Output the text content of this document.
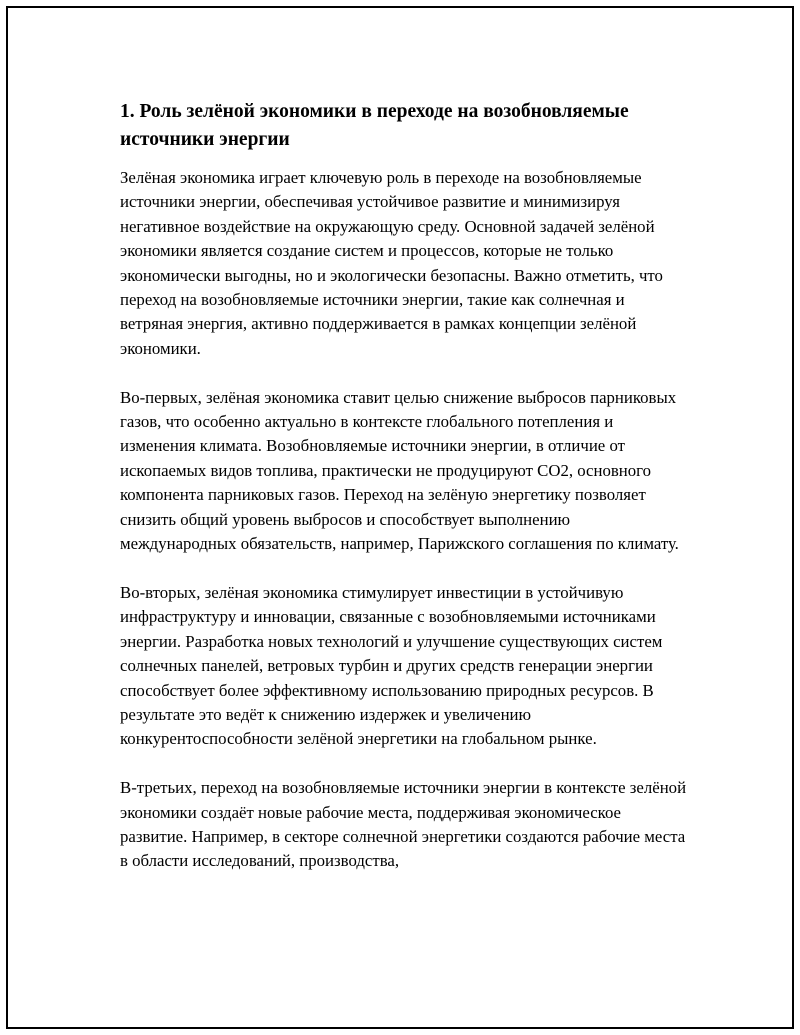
1. Роль зелёной экономики в переходе на возобновляемые источники энергии

Зелёная экономика играет ключевую роль в переходе на возобновляемые источники энергии, обеспечивая устойчивое развитие и минимизируя негативное воздействие на окружающую среду. Основной задачей зелёной экономики является создание систем и процессов, которые не только экономически выгодны, но и экологически безопасны. Важно отметить, что переход на возобновляемые источники энергии, такие как солнечная и ветряная энергия, активно поддерживается в рамках концепции зелёной экономики.

Во-первых, зелёная экономика ставит целью снижение выбросов парниковых газов, что особенно актуально в контексте глобального потепления и изменения климата. Возобновляемые источники энергии, в отличие от ископаемых видов топлива, практически не продуцируют CO2, основного компонента парниковых газов. Переход на зелёную энергетику позволяет снизить общий уровень выбросов и способствует выполнению международных обязательств, например, Парижского соглашения по климату.

Во-вторых, зелёная экономика стимулирует инвестиции в устойчивую инфраструктуру и инновации, связанные с возобновляемыми источниками энергии. Разработка новых технологий и улучшение существующих систем солнечных панелей, ветровых турбин и других средств генерации энергии способствует более эффективному использованию природных ресурсов. В результате это ведёт к снижению издержек и увеличению конкурентоспособности зелёной энергетики на глобальном рынке.

В-третьих, переход на возобновляемые источники энергии в контексте зелёной экономики создаёт новые рабочие места, поддерживая экономическое развитие. Например, в секторе солнечной энергетики создаются рабочие места в области исследований, производства,
